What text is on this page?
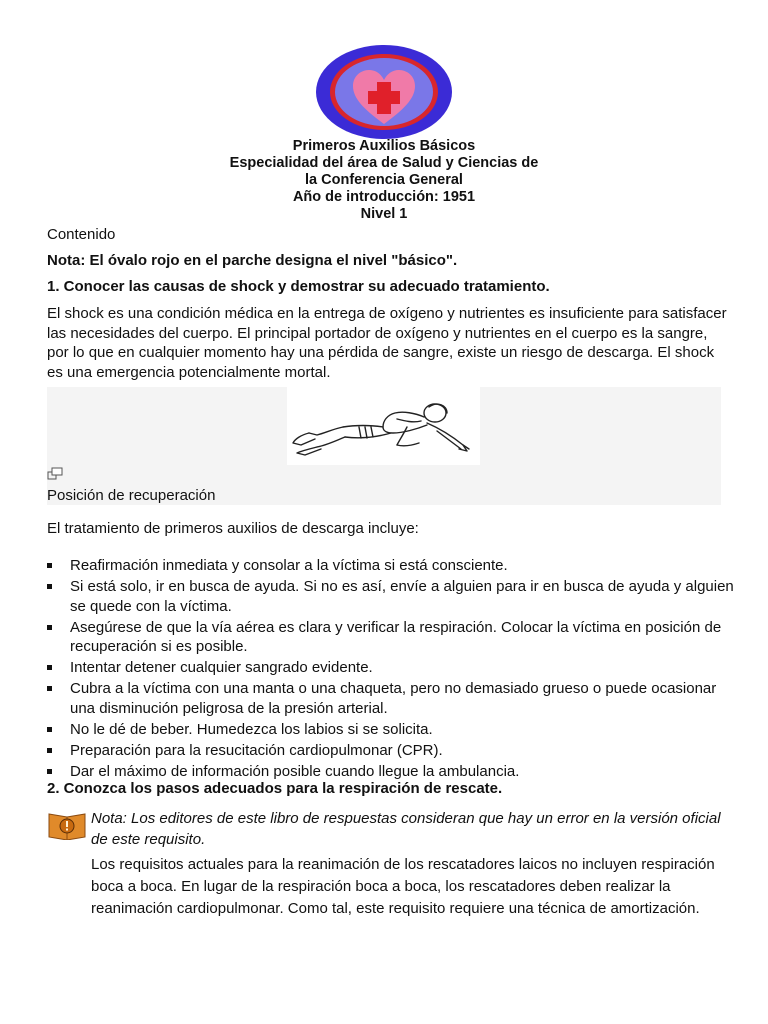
Primeros Auxilios Básicos
Especialidad del área de Salud y Ciencias de
la Conferencia General
Año de introducción: 1951
Nivel 1

Contenido

Nota: El óvalo rojo en el parche designa el nivel "básico".

1. Conocer las causas de shock y demostrar su adecuado tratamiento.

El shock es una condición médica en la entrega de oxígeno y nutrientes es insuficiente para satisfacer las necesidades del cuerpo. El principal portador de oxígeno y nutrientes en el cuerpo es la sangre, por lo que en cualquier momento hay una pérdida de sangre, existe un riesgo de descarga. El shock es una emergencia potencialmente mortal.

Posición de recuperación

El tratamiento de primeros auxilios de descarga incluye:

Reafirmación inmediata y consolar a la víctima si está consciente.
Si está solo, ir en busca de ayuda. Si no es así, envíe a alguien para ir en busca de ayuda y alguien se quede con la víctima.
Asegúrese de que la vía aérea es clara y verificar la respiración. Colocar la víctima en posición de recuperación si es posible.
Intentar detener cualquier sangrado evidente.
Cubra a la víctima con una manta o una chaqueta, pero no demasiado grueso o puede ocasionar una disminución peligrosa de la presión arterial.
No le dé de beber. Humedezca los labios si se solicita.
Preparación para la resucitación cardiopulmonar (CPR).
Dar el máximo de información posible cuando llegue la ambulancia.

2. Conozca los pasos adecuados para la respiración de rescate.

Nota: Los editores de este libro de respuestas consideran que hay un error en la versión oficial de este requisito.
Los requisitos actuales para la reanimación de los rescatadores laicos no incluyen respiración boca a boca. En lugar de la respiración boca a boca, los rescatadores deben realizar la reanimación cardiopulmonar. Como tal, este requisito requiere una técnica de amortización.
